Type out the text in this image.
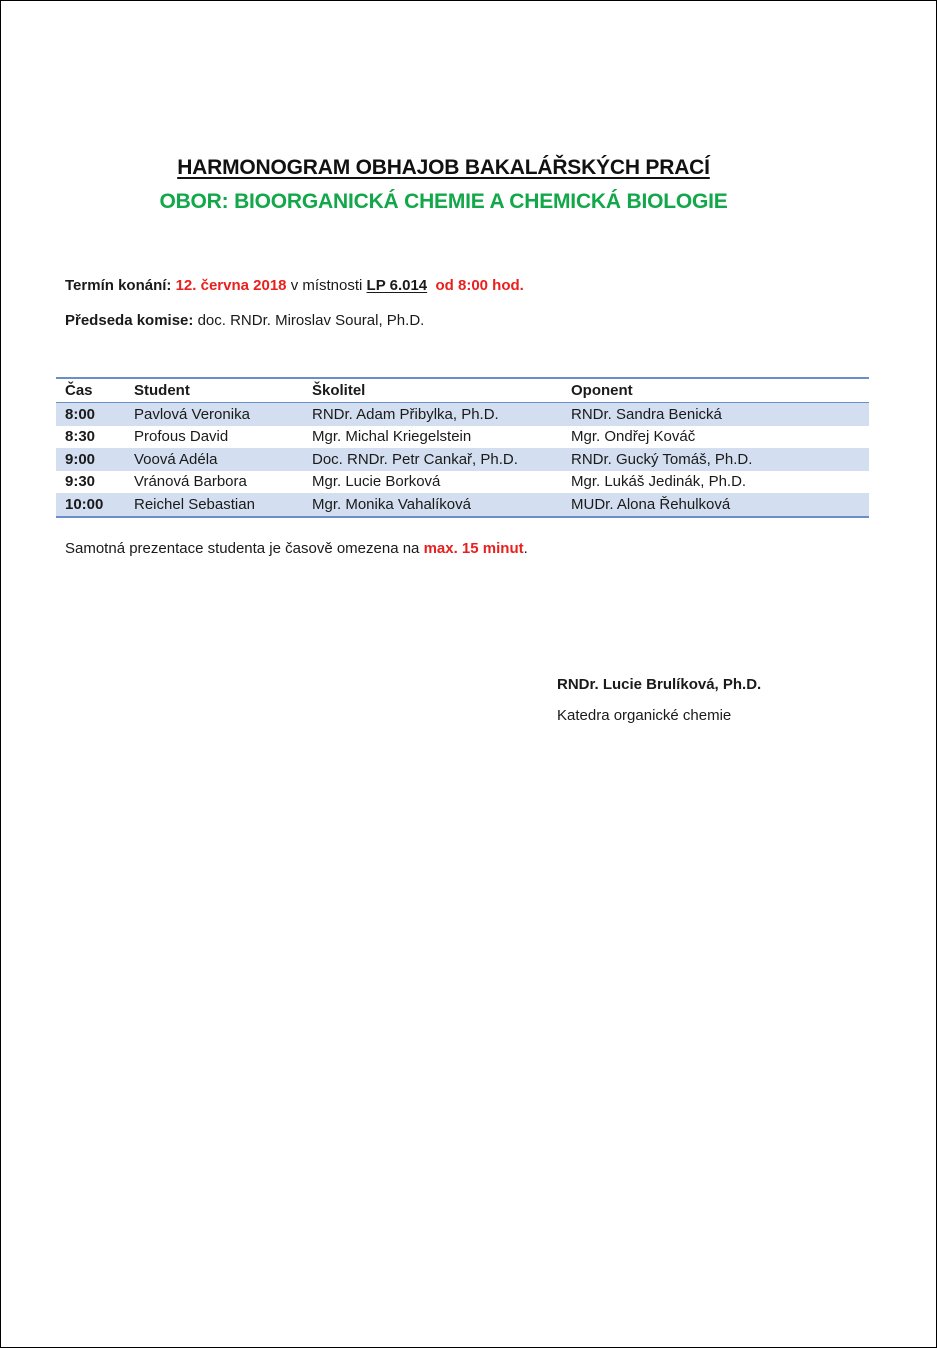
HARMONOGRAM OBHAJOB BAKALÁŘSKÝCH PRACÍ
OBOR: BIOORGANICKÁ CHEMIE A CHEMICKÁ BIOLOGIE
Termín konání: 12. června 2018 v místnosti LP 6.014 od 8:00 hod.
Předseda komise: doc. RNDr. Miroslav Soural, Ph.D.
Čas	Student	Školitel	Oponent
8:00	Pavlová Veronika	RNDr. Adam Přibylka, Ph.D.	RNDr. Sandra Benická
8:30	Profous David	Mgr. Michal Kriegelstein	Mgr. Ondřej Kováč
9:00	Voová Adéla	Doc. RNDr. Petr Cankař, Ph.D.	RNDr. Gucký Tomáš, Ph.D.
9:30	Vránová Barbora	Mgr. Lucie Borková	Mgr. Lukáš Jedinák, Ph.D.
10:00	Reichel Sebastian	Mgr. Monika Vahalíková	MUDr. Alona Řehulková
Samotná prezentace studenta je časově omezena na max. 15 minut.
RNDr. Lucie Brulíková, Ph.D.
Katedra organické chemie
